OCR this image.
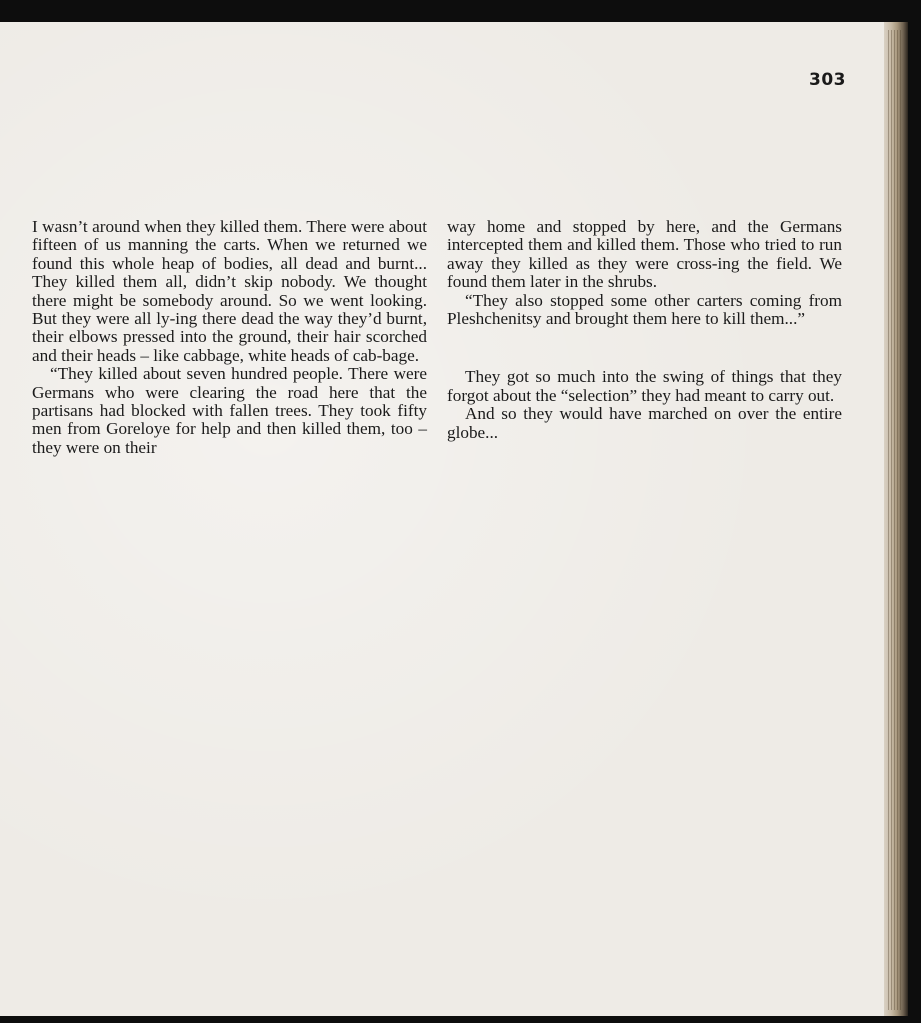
303

I wasn’t around when they killed them. There were about fifteen of us manning the carts. When we returned we found this whole heap of bodies, all dead and burnt... They killed them all, didn’t skip nobody. We thought there might be somebody around. So we went looking. But they were all ly-ing there dead the way they’d burnt, their elbows pressed into the ground, their hair scorched and their heads – like cabbage, white heads of cab-bage.

“They killed about seven hundred people. There were Germans who were clearing the road here that the partisans had blocked with fallen trees. They took fifty men from Goreloye for help and then killed them, too – they were on their

way home and stopped by here, and the Germans intercepted them and killed them. Those who tried to run away they killed as they were cross-ing the field. We found them later in the shrubs.

“They also stopped some other carters coming from Pleshchenitsy and brought them here to kill them...”

They got so much into the swing of things that they forgot about the “selection” they had meant to carry out.

And so they would have marched on over the entire globe...
